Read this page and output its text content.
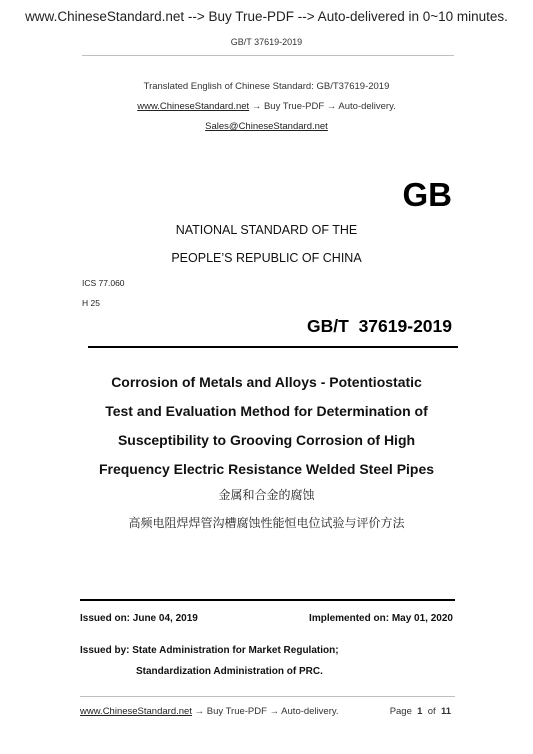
www.ChineseStandard.net --> Buy True-PDF --> Auto-delivered in 0~10 minutes.
GB/T 37619-2019
Translated English of Chinese Standard: GB/T37619-2019
www.ChineseStandard.net → Buy True-PDF → Auto-delivery.
Sales@ChineseStandard.net
GB
NATIONAL STANDARD OF THE
PEOPLE’S REPUBLIC OF CHINA
ICS 77.060
H 25
GB/T  37619-2019
Corrosion of Metals and Alloys - Potentiostatic
Test and Evaluation Method for Determination of
Susceptibility to Grooving Corrosion of High
Frequency Electric Resistance Welded Steel Pipes
金属和合金的腐蚀
高频电阻焊焊管沟槽腐蚀性能恒电位试验与评价方法
Issued on: June 04, 2019	Implemented on: May 01, 2020
Issued by: State Administration for Market Regulation;
Standardization Administration of PRC.
www.ChineseStandard.net → Buy True-PDF → Auto-delivery.	Page 1 of 11
